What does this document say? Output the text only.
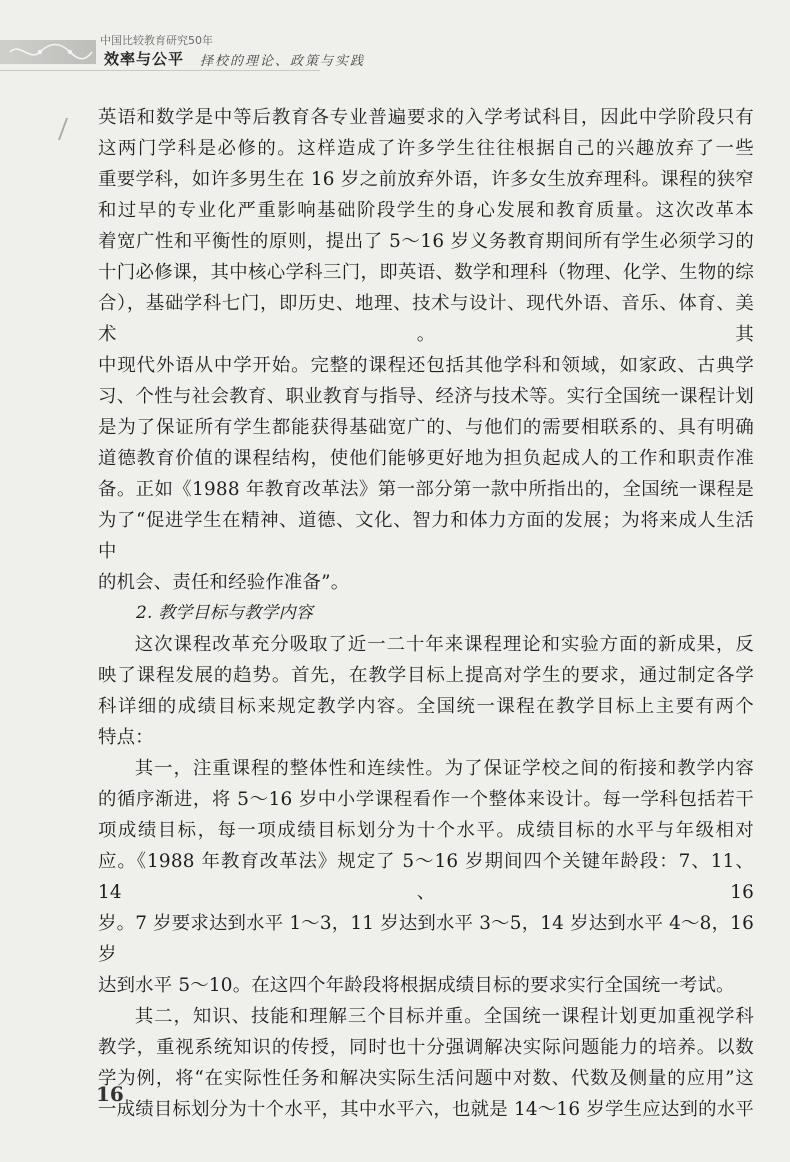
中国比较教育研究50年
效率与公平 择校的理论、政策与实践

英语和数学是中等后教育各专业普遍要求的入学考试科目，因此中学阶段只有

这两门学科是必修的。这样造成了许多学生往往根据自己的兴趣放弃了一些

重要学科，如许多男生在 16 岁之前放弃外语，许多女生放弃理科。课程的狭窄

和过早的专业化严重影响基础阶段学生的身心发展和教育质量。这次改革本

着宽广性和平衡性的原则，提出了 5～16 岁义务教育期间所有学生必须学习的

十门必修课，其中核心学科三门，即英语、数学和理科（物理、化学、生物的综

合），基础学科七门，即历史、地理、技术与设计、现代外语、音乐、体育、美术。其

中现代外语从中学开始。完整的课程还包括其他学科和领域，如家政、古典学

习、个性与社会教育、职业教育与指导、经济与技术等。实行全国统一课程计划

是为了保证所有学生都能获得基础宽广的、与他们的需要相联系的、具有明确

道德教育价值的课程结构，使他们能够更好地为担负起成人的工作和职责作准

备。正如《1988 年教育改革法》第一部分第一款中所指出的，全国统一课程是

为了“促进学生在精神、道德、文化、智力和体力方面的发展；为将来成人生活中

的机会、责任和经验作准备”。

2. 教学目标与教学内容

这次课程改革充分吸取了近一二十年来课程理论和实验方面的新成果，反

映了课程发展的趋势。首先，在教学目标上提高对学生的要求，通过制定各学

科详细的成绩目标来规定教学内容。全国统一课程在教学目标上主要有两个

特点：

其一，注重课程的整体性和连续性。为了保证学校之间的衔接和教学内容

的循序渐进，将 5～16 岁中小学课程看作一个整体来设计。每一学科包括若干

项成绩目标，每一项成绩目标划分为十个水平。成绩目标的水平与年级相对

应。《1988 年教育改革法》规定了 5～16 岁期间四个关键年龄段：7、11、14、16

岁。7 岁要求达到水平 1～3，11 岁达到水平 3～5，14 岁达到水平 4～8，16 岁

达到水平 5～10。在这四个年龄段将根据成绩目标的要求实行全国统一考试。

其二，知识、技能和理解三个目标并重。全国统一课程计划更加重视学科

教学，重视系统知识的传授，同时也十分强调解决实际问题能力的培养。以数

学为例，将“在实际性任务和解决实际生活问题中对数、代数及侧量的应用”这

一成绩目标划分为十个水平，其中水平六，也就是 14～16 岁学生应达到的水平

16
